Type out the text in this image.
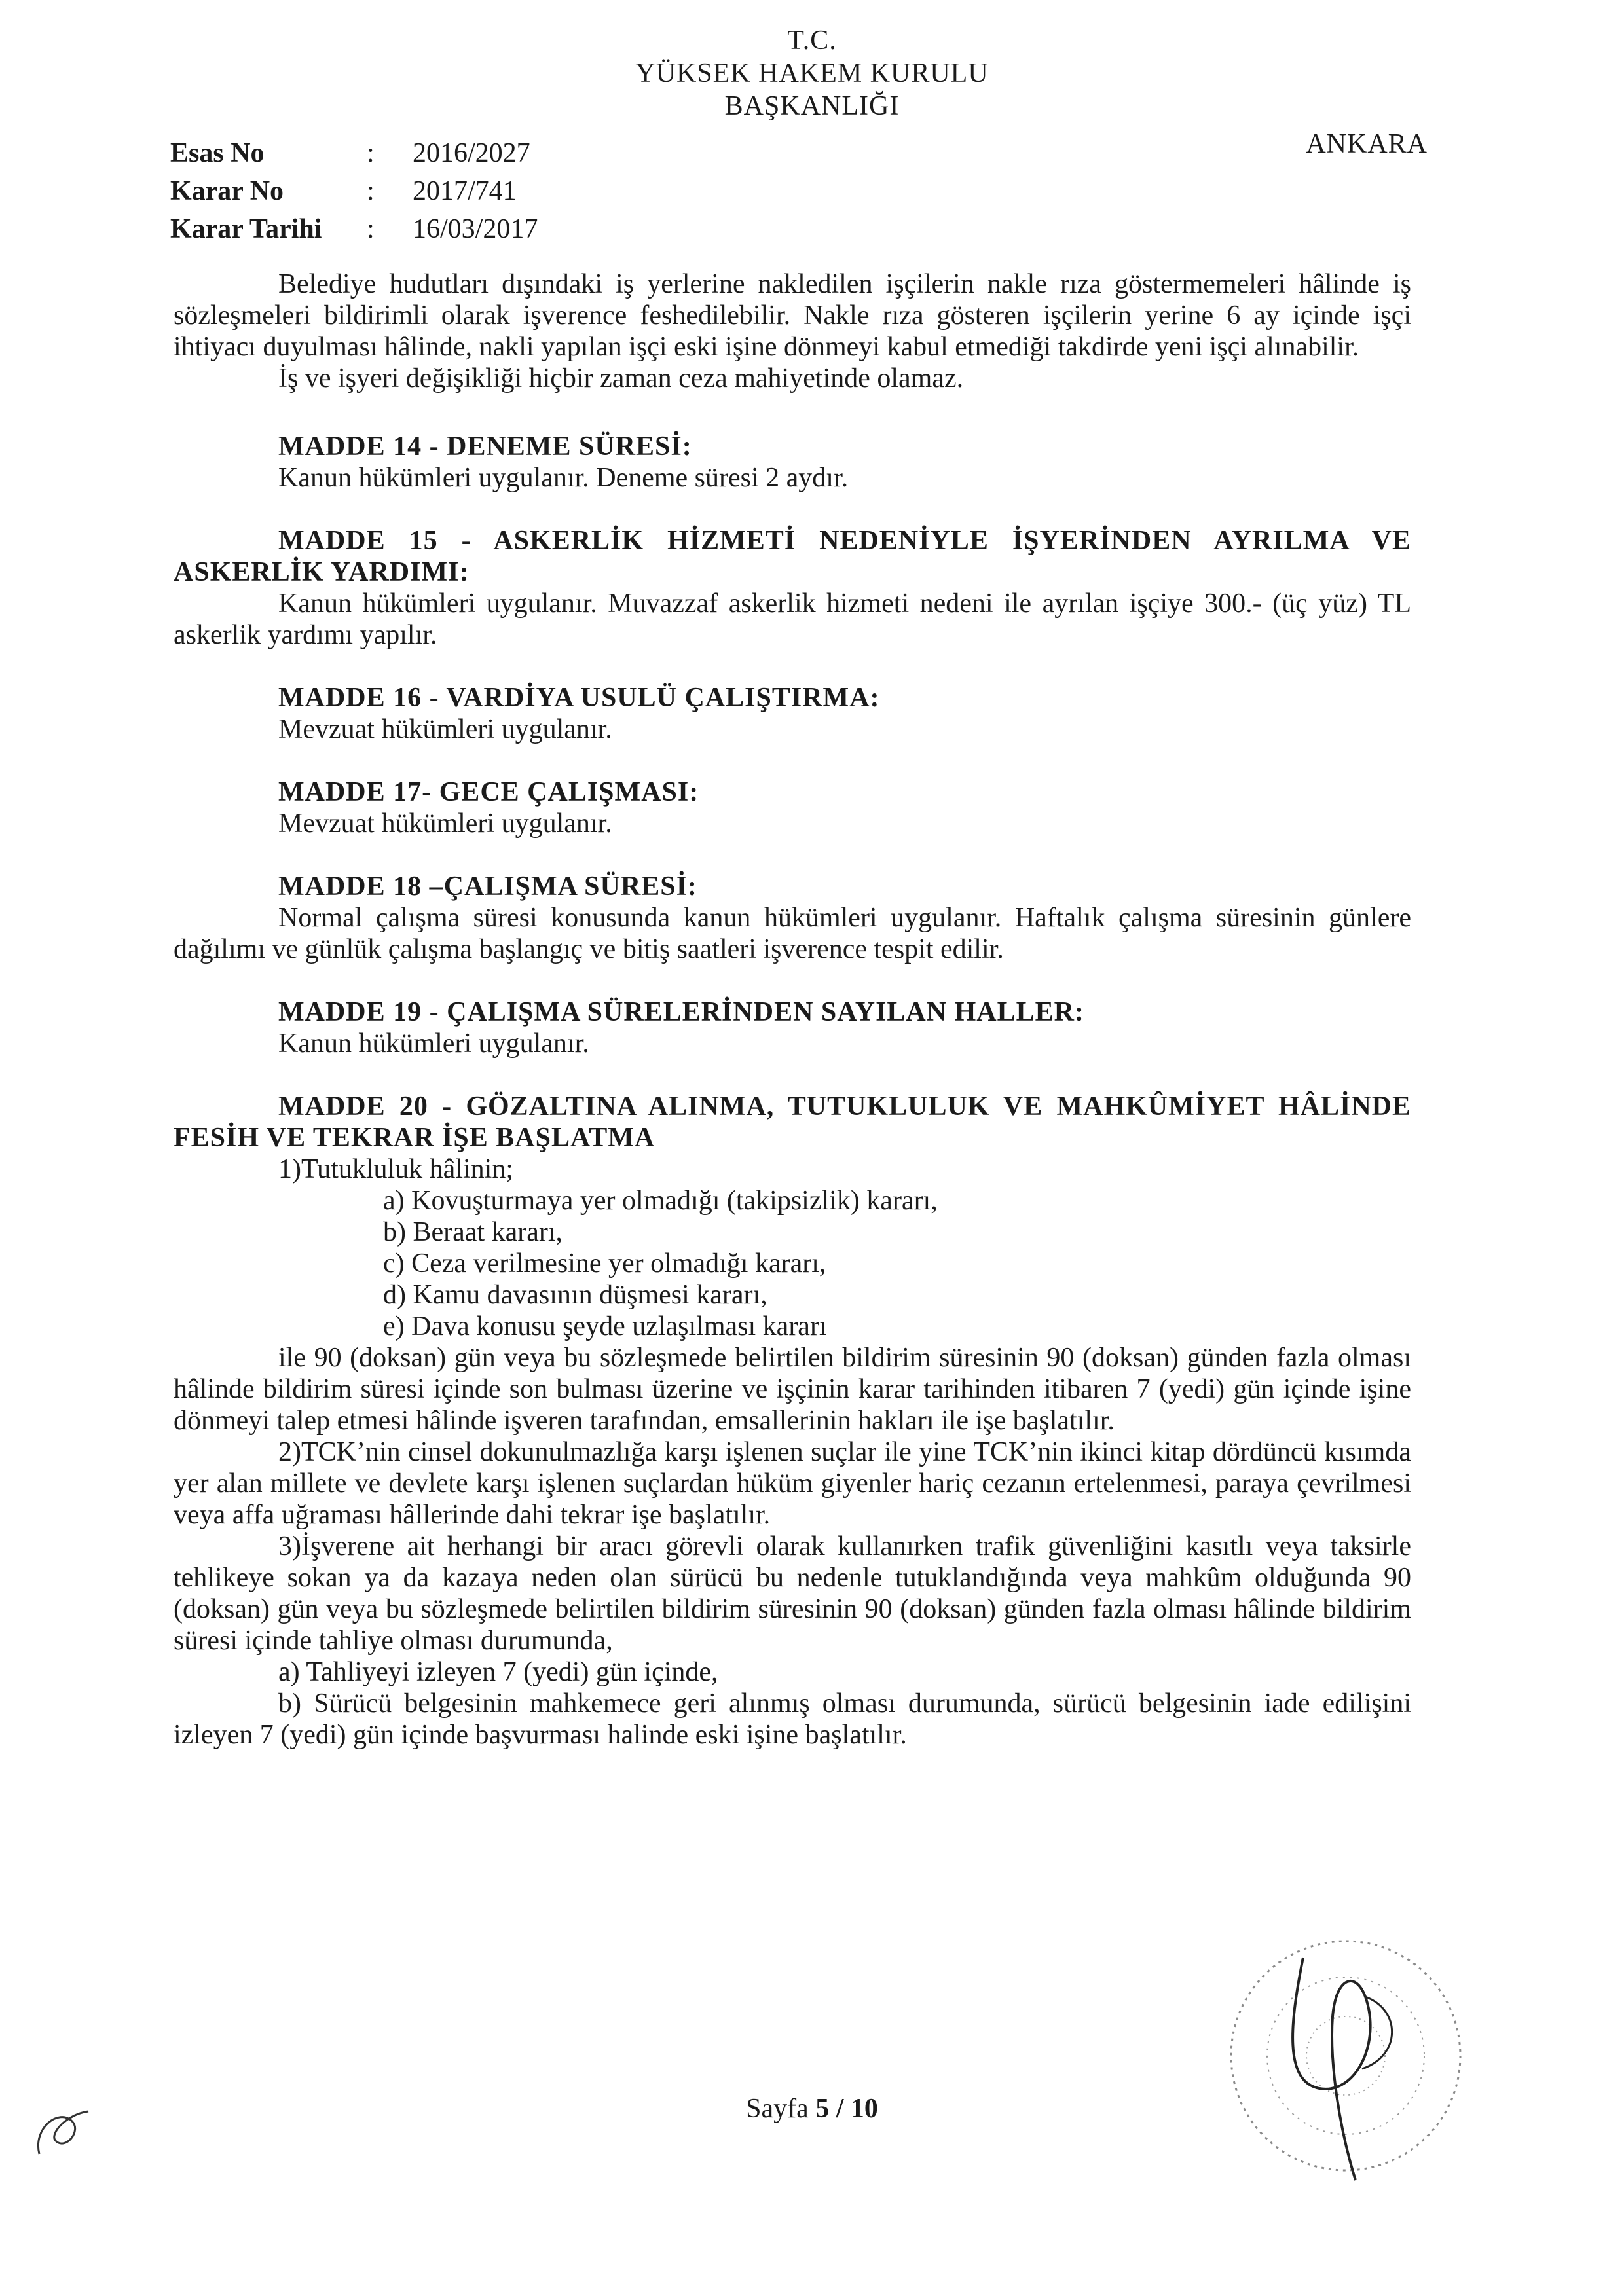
T.C.
YÜKSEK HAKEM KURULU
BAŞKANLIĞI
ANKARA
Esas No	:	2016/2027
Karar No	:	2017/741
Karar Tarihi	:	16/03/2017

Belediye hudutları dışındaki iş yerlerine nakledilen işçilerin nakle rıza göstermemeleri hâlinde iş sözleşmeleri bildirimli olarak işverence feshedilebilir. Nakle rıza gösteren işçilerin yerine 6 ay içinde işçi ihtiyacı duyulması hâlinde, nakli yapılan işçi eski işine dönmeyi kabul etmediği takdirde yeni işçi alınabilir.

İş ve işyeri değişikliği hiçbir zaman ceza mahiyetinde olamaz.

MADDE 14 - DENEME SÜRESİ:

Kanun hükümleri uygulanır. Deneme süresi 2 aydır.

MADDE 15 - ASKERLİK HİZMETİ NEDENİYLE İŞYERİNDEN AYRILMA VE ASKERLİK YARDIMI:

Kanun hükümleri uygulanır. Muvazzaf askerlik hizmeti nedeni ile ayrılan işçiye 300.- (üç yüz) TL askerlik yardımı yapılır.

MADDE 16 - VARDİYA USULÜ ÇALIŞTIRMA:

Mevzuat hükümleri uygulanır.

MADDE 17- GECE ÇALIŞMASI:

Mevzuat hükümleri uygulanır.

MADDE 18 –ÇALIŞMA SÜRESİ:

Normal çalışma süresi konusunda kanun hükümleri uygulanır. Haftalık çalışma süresinin günlere dağılımı ve günlük çalışma başlangıç ve bitiş saatleri işverence tespit edilir.

MADDE 19 - ÇALIŞMA SÜRELERİNDEN SAYILAN HALLER:

Kanun hükümleri uygulanır.

MADDE 20 - GÖZALTINA ALINMA, TUTUKLULUK VE MAHKÛMİYET HÂLİNDE FESİH VE TEKRAR İŞE BAŞLATMA

1)Tutukluluk hâlinin;

a) Kovuşturmaya yer olmadığı (takipsizlik) kararı,

b) Beraat kararı,

c) Ceza verilmesine yer olmadığı kararı,

d) Kamu davasının düşmesi kararı,

e) Dava konusu şeyde uzlaşılması kararı

ile 90 (doksan) gün veya bu sözleşmede belirtilen bildirim süresinin 90 (doksan) günden fazla olması hâlinde bildirim süresi içinde son bulması üzerine ve işçinin karar tarihinden itibaren 7 (yedi) gün içinde işine dönmeyi talep etmesi hâlinde işveren tarafından, emsallerinin hakları ile işe başlatılır.

2)TCK’nin cinsel dokunulmazlığa karşı işlenen suçlar ile yine TCK’nin ikinci kitap dördüncü kısımda yer alan millete ve devlete karşı işlenen suçlardan hüküm giyenler hariç cezanın ertelenmesi, paraya çevrilmesi veya affa uğraması hâllerinde dahi tekrar işe başlatılır.

3)İşverene ait herhangi bir aracı görevli olarak kullanırken trafik güvenliğini kasıtlı veya taksirle tehlikeye sokan ya da kazaya neden olan sürücü bu nedenle tutuklandığında veya mahkûm olduğunda 90 (doksan) gün veya bu sözleşmede belirtilen bildirim süresinin 90 (doksan) günden fazla olması hâlinde bildirim süresi içinde tahliye olması durumunda,

a) Tahliyeyi izleyen 7 (yedi) gün içinde,

b) Sürücü belgesinin mahkemece geri alınmış olması durumunda, sürücü belgesinin iade edilişini izleyen 7 (yedi) gün içinde başvurması halinde eski işine başlatılır.

Sayfa 5 / 10
